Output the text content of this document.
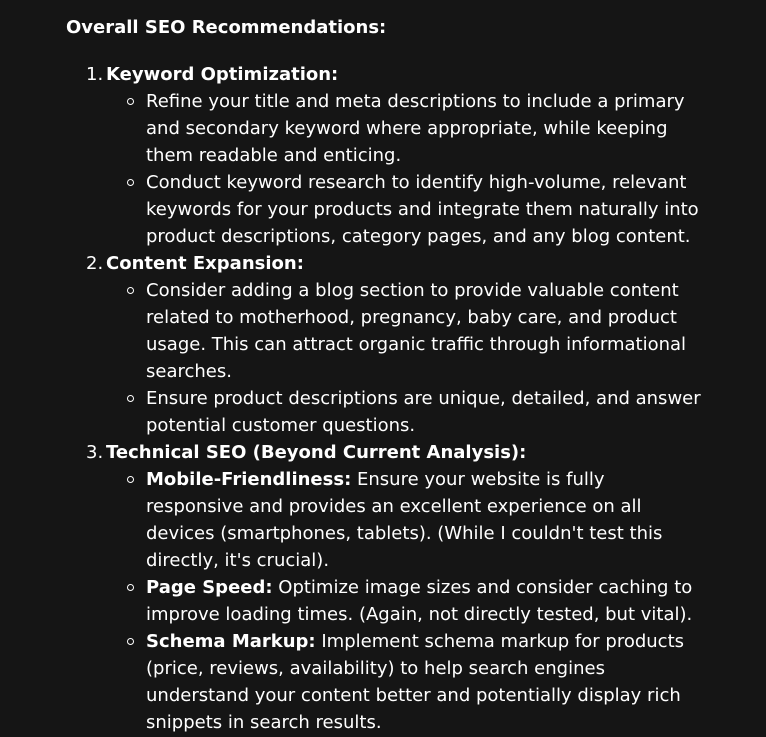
Overall SEO Recommendations:
1. Keyword Optimization:
Refine your title and meta descriptions to include a primary and secondary keyword where appropriate, while keeping them readable and enticing.
Conduct keyword research to identify high-volume, relevant keywords for your products and integrate them naturally into product descriptions, category pages, and any blog content.
2. Content Expansion:
Consider adding a blog section to provide valuable content related to motherhood, pregnancy, baby care, and product usage. This can attract organic traffic through informational searches.
Ensure product descriptions are unique, detailed, and answer potential customer questions.
3. Technical SEO (Beyond Current Analysis):
Mobile-Friendliness: Ensure your website is fully responsive and provides an excellent experience on all devices (smartphones, tablets). (While I couldn't test this directly, it's crucial).
Page Speed: Optimize image sizes and consider caching to improve loading times. (Again, not directly tested, but vital).
Schema Markup: Implement schema markup for products (price, reviews, availability) to help search engines understand your content better and potentially display rich snippets in search results.
